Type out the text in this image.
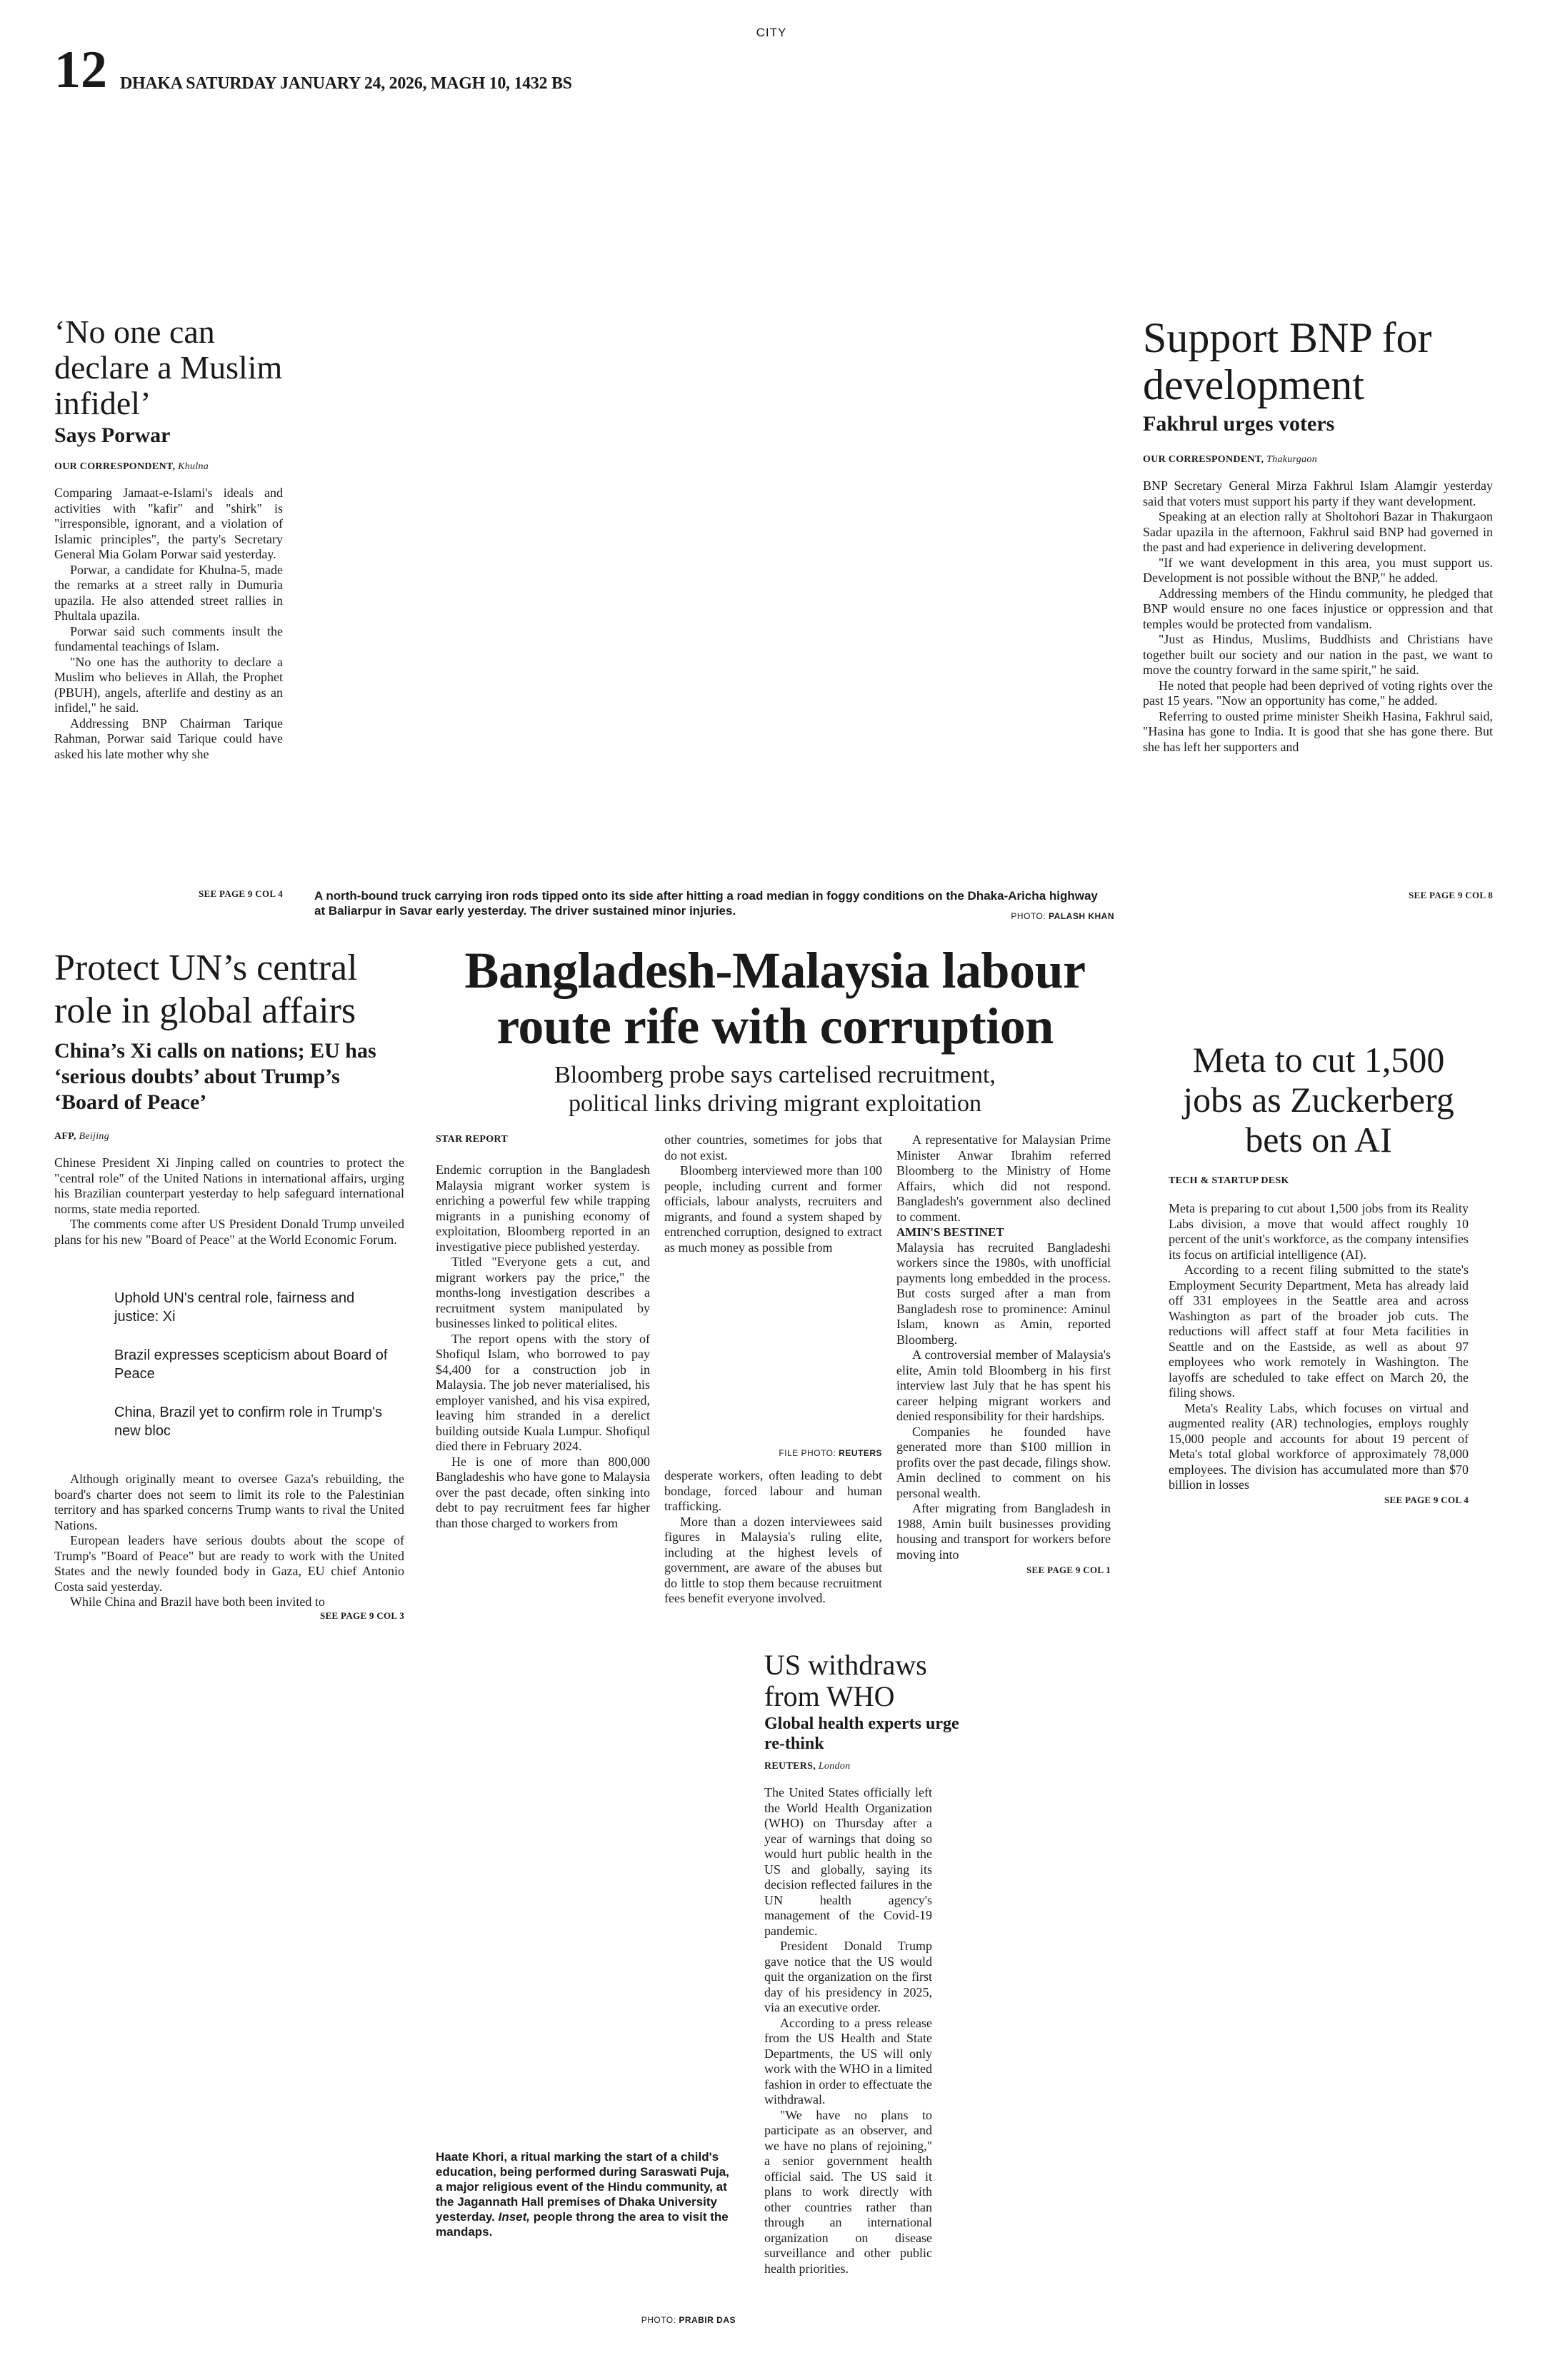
CITY
12 DHAKA SATURDAY JANUARY 24, 2026, MAGH 10, 1432 BS
‘No one can declare a Muslim infidel’
Says Porwar
OUR CORRESPONDENT, Khulna

Comparing Jamaat-e-Islami's ideals and activities with "kafir" and "shirk" is "irresponsible, ignorant, and a violation of Islamic principles", the party's Secretary General Mia Golam Porwar said yesterday.

Porwar, a candidate for Khulna-5, made the remarks at a street rally in Dumuria upazila. He also attended street rallies in Phultala upazila.

Porwar said such comments insult the fundamental teachings of Islam.

"No one has the authority to declare a Muslim who believes in Allah, the Prophet (PBUH), angels, afterlife and destiny as an infidel," he said.

Addressing BNP Chairman Tarique Rahman, Porwar said Tarique could have asked his late mother why she

SEE PAGE 9 COL 4	A north-bound truck carrying iron rods tipped onto its side after hitting a road median in foggy conditions on the Dhaka-Aricha highway at Baliarpur in Savar early yesterday. The driver sustained minor injuries.	PHOTO: PALASH KHAN
Support BNP for development
Fakhrul urges voters
OUR CORRESPONDENT, Thakurgaon

BNP Secretary General Mirza Fakhrul Islam Alamgir yesterday said that voters must support his party if they want development.

Speaking at an election rally at Sholtohori Bazar in Thakurgaon Sadar upazila in the afternoon, Fakhrul said BNP had governed in the past and had experience in delivering development.

"If we want development in this area, you must support us. Development is not possible without the BNP," he added.

Addressing members of the Hindu community, he pledged that BNP would ensure no one faces injustice or oppression and that temples would be protected from vandalism.

"Just as Hindus, Muslims, Buddhists and Christians have together built our society and our nation in the past, we want to move the country forward in the same spirit," he said.

He noted that people had been deprived of voting rights over the past 15 years. "Now an opportunity has come," he added.

Referring to ousted prime minister Sheikh Hasina, Fakhrul said, "Hasina has gone to India. It is good that she has gone there. But she has left her supporters and

SEE PAGE 9 COL 8
Protect UN’s central role in global affairs
China’s Xi calls on nations; EU has ‘serious doubts’ about Trump’s ‘Board of Peace’
AFP, Beijing

Chinese President Xi Jinping called on countries to protect the "central role" of the United Nations in international affairs, urging his Brazilian counterpart yesterday to help safeguard international norms, state media reported.

The comments come after US President Donald Trump unveiled plans for his new "Board of Peace" at the World Economic Forum.

Uphold UN's central role, fairness and justice: Xi
Brazil expresses scepticism about Board of Peace
China, Brazil yet to confirm role in Trump's new bloc

Although originally meant to oversee Gaza's rebuilding, the board's charter does not seem to limit its role to the Palestinian territory and has sparked concerns Trump wants to rival the United Nations.

European leaders have serious doubts about the scope of Trump's "Board of Peace" but are ready to work with the United States and the newly founded body in Gaza, EU chief Antonio Costa said yesterday.

While China and Brazil have both been invited to

SEE PAGE 9 COL 3
Bangladesh-Malaysia labour route rife with corruption
Bloomberg probe says cartelised recruitment, political links driving migrant exploitation
STAR REPORT

Endemic corruption in the Bangladesh Malaysia migrant worker system is enriching a powerful few while trapping migrants in a punishing economy of exploitation, Bloomberg reported in an investigative piece published yesterday.

Titled "Everyone gets a cut, and migrant workers pay the price," the months-long investigation describes a recruitment system manipulated by businesses linked to political elites.

The report opens with the story of Shofiqul Islam, who borrowed to pay $4,400 for a construction job in Malaysia. The job never materialised, his employer vanished, and his visa expired, leaving him stranded in a derelict building outside Kuala Lumpur. Shofiqul died there in February 2024.

He is one of more than 800,000 Bangladeshis who have gone to Malaysia over the past decade, often sinking into debt to pay recruitment fees far higher than those charged to workers from

other countries, sometimes for jobs that do not exist.

Bloomberg interviewed more than 100 people, including current and former officials, labour analysts, recruiters and migrants, and found a system shaped by entrenched corruption, designed to extract as much money as possible from

FILE PHOTO: REUTERS

desperate workers, often leading to debt bondage, forced labour and human trafficking.

More than a dozen interviewees said figures in Malaysia's ruling elite, including at the highest levels of government, are aware of the abuses but do little to stop them because recruitment fees benefit everyone involved.

A representative for Malaysian Prime Minister Anwar Ibrahim referred Bloomberg to the Ministry of Home Affairs, which did not respond. Bangladesh's government also declined to comment.

AMIN'S BESTINET

Malaysia has recruited Bangladeshi workers since the 1980s, with unofficial payments long embedded in the process. But costs surged after a man from Bangladesh rose to prominence: Aminul Islam, known as Amin, reported Bloomberg.

A controversial member of Malaysia's elite, Amin told Bloomberg in his first interview last July that he has spent his career helping migrant workers and denied responsibility for their hardships.

Companies he founded have generated more than $100 million in profits over the past decade, filings show. Amin declined to comment on his personal wealth.

After migrating from Bangladesh in 1988, Amin built businesses providing housing and transport for workers before moving into

SEE PAGE 9 COL 1
Meta to cut 1,500 jobs as Zuckerberg bets on AI
TECH & STARTUP DESK

Meta is preparing to cut about 1,500 jobs from its Reality Labs division, a move that would affect roughly 10 percent of the unit's workforce, as the company intensifies its focus on artificial intelligence (AI).

According to a recent filing submitted to the state's Employment Security Department, Meta has already laid off 331 employees in the Seattle area and across Washington as part of the broader job cuts. The reductions will affect staff at four Meta facilities in Seattle and on the Eastside, as well as about 97 employees who work remotely in Washington. The layoffs are scheduled to take effect on March 20, the filing shows.

Meta's Reality Labs, which focuses on virtual and augmented reality (AR) technologies, employs roughly 15,000 people and accounts for about 19 percent of Meta's total global workforce of approximately 78,000 employees. The division has accumulated more than $70 billion in losses

SEE PAGE 9 COL 4
Haate Khori, a ritual marking the start of a child's education, being performed during Saraswati Puja, a major religious event of the Hindu community, at the Jagannath Hall premises of Dhaka University yesterday. Inset, people throng the area to visit the mandaps.
PHOTO: PRABIR DAS
US withdraws from WHO
Global health experts urge re-think
REUTERS, London

The United States officially left the World Health Organization (WHO) on Thursday after a year of warnings that doing so would hurt public health in the US and globally, saying its decision reflected failures in the UN health agency's management of the Covid-19 pandemic.

President Donald Trump gave notice that the US would quit the organization on the first day of his presidency in 2025, via an executive order.

According to a press release from the US Health and State Departments, the US will only work with the WHO in a limited fashion in order to effectuate the withdrawal.

"We have no plans to participate as an observer, and we have no plans of rejoining," a senior government health official said. The US said it plans to work directly with other countries rather than through an international organization on disease surveillance and other public health priorities.
